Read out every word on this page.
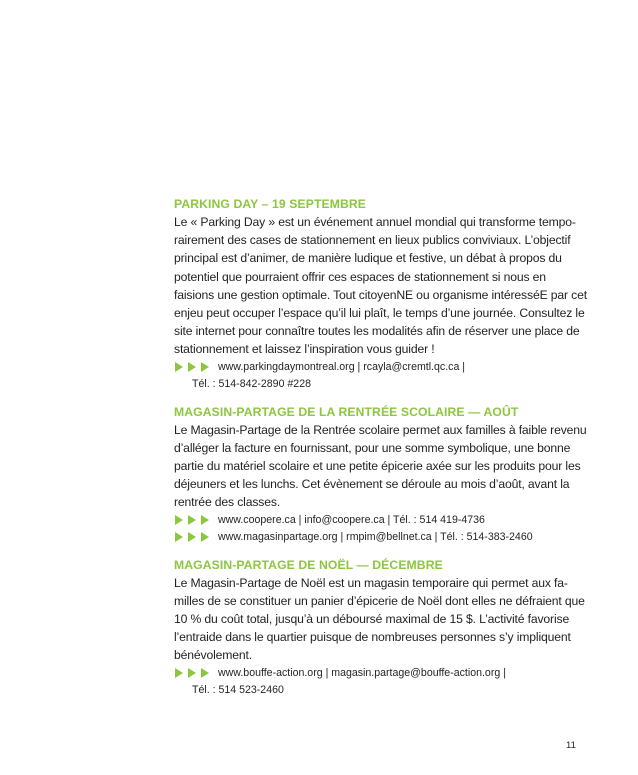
PARKING DAY – 19 SEPTEMBRE

Le « Parking Day » est un événement annuel mondial qui transforme tempo-

rairement des cases de stationnement en lieux publics conviviaux. L’objectif

principal est d’animer, de manière ludique et festive, un débat à propos du

potentiel que pourraient offrir ces espaces de stationnement si nous en

faisions une gestion optimale. Tout citoyenNE ou organisme intéresséE par cet

enjeu peut occuper l’espace qu’il lui plaît, le temps d’une journée. Consultez le

site internet pour connaître toutes les modalités afin de réserver une place de

stationnement et laissez l’inspiration vous guider !

www.parkingdaymontreal.org | rcayla@cremtl.qc.ca |
Tél. : 514-842-2890 #228
MAGASIN-PARTAGE DE LA RENTRÉE SCOLAIRE — AOÛT

Le Magasin-Partage de la Rentrée scolaire permet aux familles à faible revenu

d’alléger la facture en fournissant, pour une somme symbolique, une bonne

partie du matériel scolaire et une petite épicerie axée sur les produits pour les

déjeuners et les lunchs. Cet évènement se déroule au mois d’août, avant la

rentrée des classes.

www.coopere.ca | info@coopere.ca | Tél. : 514 419-4736
www.magasinpartage.org | rmpim@bellnet.ca | Tél. : 514-383-2460
MAGASIN-PARTAGE DE NOËL — DÉCEMBRE

Le Magasin-Partage de Noël est un magasin temporaire qui permet aux fa-

milles de se constituer un panier d’épicerie de Noël dont elles ne défraient que

10 % du coût total, jusqu’à un déboursé maximal de 15 $. L’activité favorise

l’entraide dans le quartier puisque de nombreuses personnes s’y impliquent

bénévolement.

www.bouffe-action.org | magasin.partage@bouffe-action.org |
Tél. : 514 523-2460
11
